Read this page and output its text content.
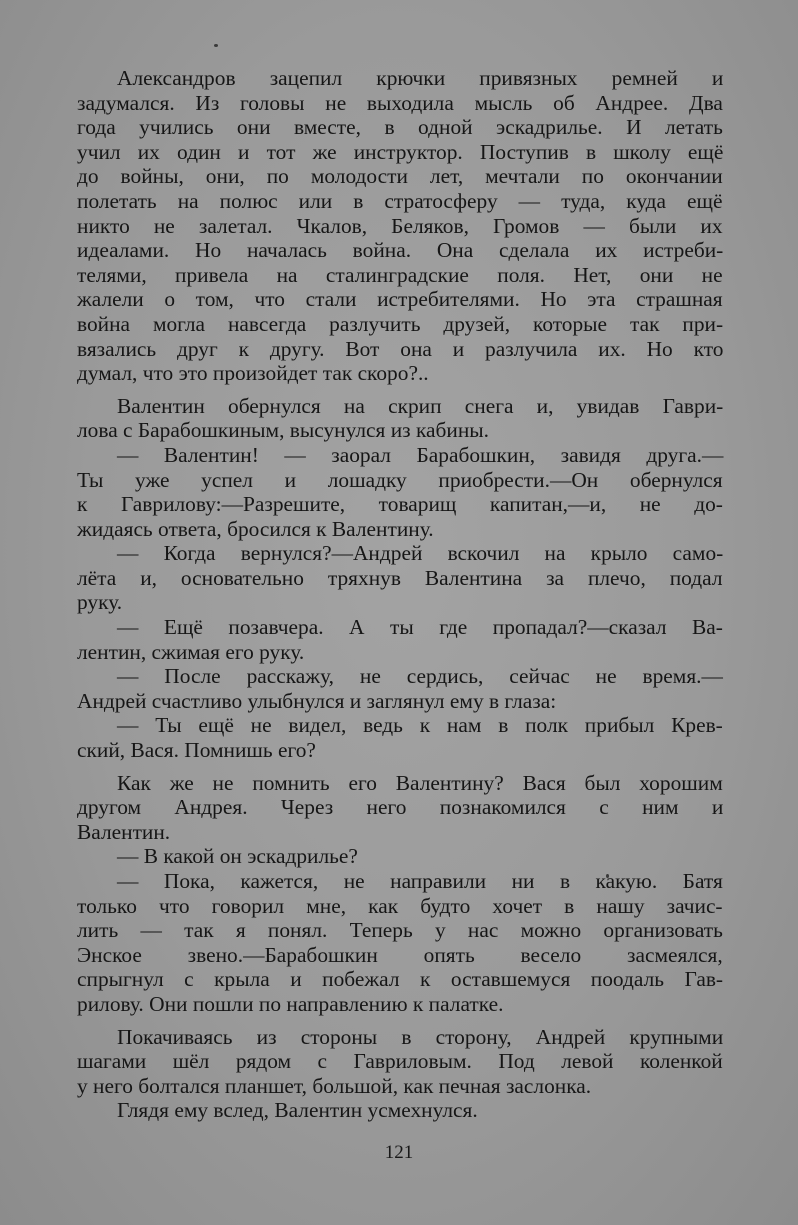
Александров зацепил крючки привязных ремней и
задумался. Из головы не выходила мысль об Андрее. Два
года учились они вместе, в одной эскадрилье. И летать
учил их один и тот же инструктор. Поступив в школу ещё
до войны, они, по молодости лет, мечтали по окончании
полетать на полюс или в стратосферу — туда, куда ещё
никто не залетал. Чкалов, Беляков, Громов — были их
идеалами. Но началась война. Она сделала их истреби-
телями, привела на сталинградские поля. Нет, они не
жалели о том, что стали истребителями. Но эта страшная
война могла навсегда разлучить друзей, которые так при-
вязались друг к другу. Вот она и разлучила их. Но кто
думал, что это произойдет так скоро?..
Валентин обернулся на скрип снега и, увидав Гаври-
лова с Барабошкиным, высунулся из кабины.
— Валентин! — заорал Барабошкин, завидя друга.—
Ты уже успел и лошадку приобрести.—Он обернулся
к Гаврилову:—Разрешите, товарищ капитан,—и, не до-
жидаясь ответа, бросился к Валентину.
— Когда вернулся?—Андрей вскочил на крыло само-
лёта и, основательно тряхнув Валентина за плечо, подал
руку.
— Ещё позавчера. А ты где пропадал?—сказал Ва-
лентин, сжимая его руку.
— После расскажу, не сердись, сейчас не время.—
Андрей счастливо улыбнулся и заглянул ему в глаза:
— Ты ещё не видел, ведь к нам в полк прибыл Крев-
ский, Вася. Помнишь его?
Как же не помнить его Валентину? Вася был хорошим
другом Андрея. Через него познакомился с ним и
Валентин.
— В какой он эскадрилье?
— Пока, кажется, не направили ни в какую. Батя
только что говорил мне, как будто хочет в нашу зачис-
лить — так я понял. Теперь у нас можно организовать
Энское звено.—Барабошкин опять весело засмеялся,
спрыгнул с крыла и побежал к оставшемуся поодаль Гав-
рилову. Они пошли по направлению к палатке.
Покачиваясь из стороны в сторону, Андрей крупными
шагами шёл рядом с Гавриловым. Под левой коленкой
у него болтался планшет, большой, как печная заслонка.
Глядя ему вслед, Валентин усмехнулся.
121
